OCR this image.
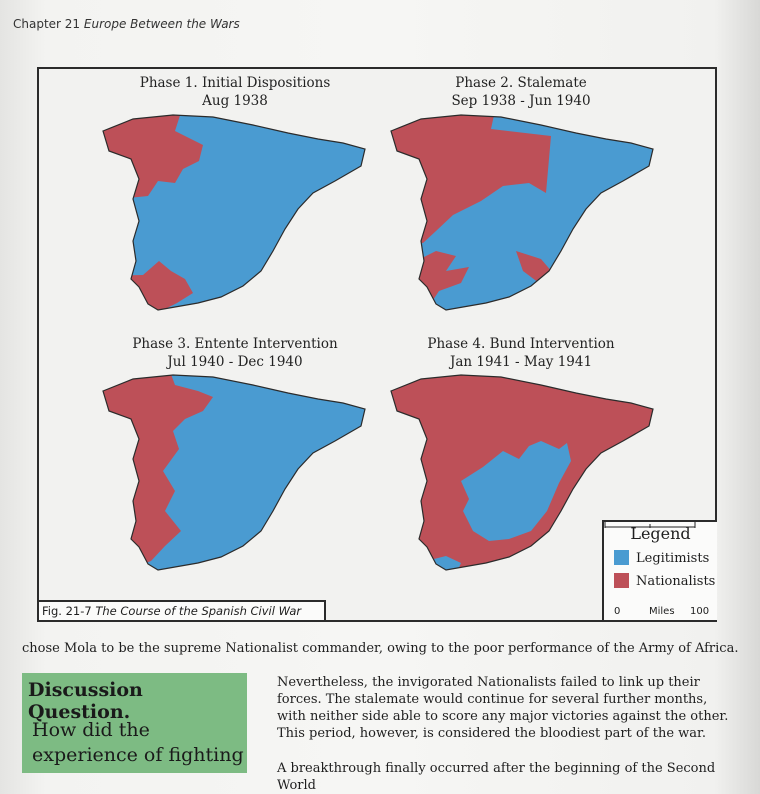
Chapter 21 Europe Between the Wars
Phase 1. Initial Dispositions
Aug 1938
Phase 2. Stalemate
Sep 1938 - Jun 1940
Phase 3. Entente Intervention
Jul 1940 - Dec 1940
Phase 4. Bund Intervention
Jan 1941 - May 1941
Legend
Legitimists
Nationalists
0	Miles 100
Fig. 21-7 The Course of the Spanish Civil War
chose Mola to be the supreme Nationalist commander, owing to the poor performance of the Army of Africa.
Discussion Question.
How did the experience of fighting
Nevertheless, the invigorated Nationalists failed to link up their forces. The stalemate would continue for several further months, with neither side able to score any major victories against the other. This period, however, is considered the bloodiest part of the war.
A breakthrough finally occurred after the beginning of the Second World
